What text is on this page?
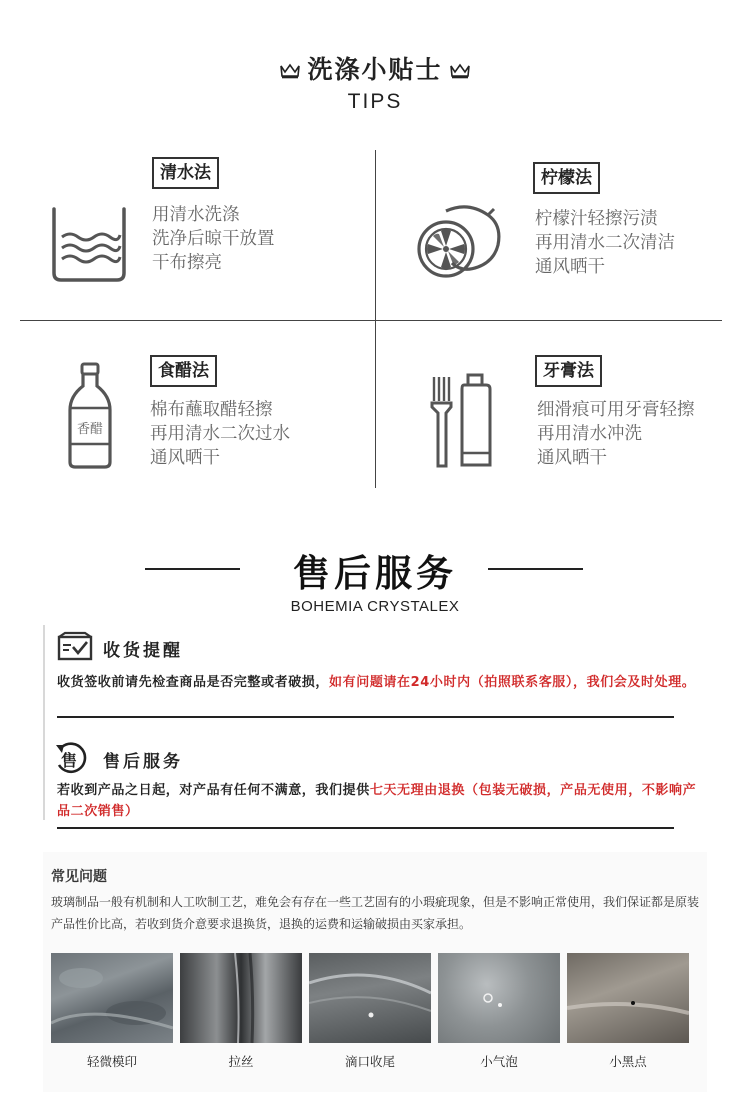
洗涤小贴士
TIPS
清水法
用清水洗涤
洗净后晾干放置
干布擦亮
柠檬法
柠檬汁轻擦污渍
再用清水二次清洁
通风晒干
香醋
食醋法
棉布蘸取醋轻擦
再用清水二次过水
通风晒干
牙膏法
细滑痕可用牙膏轻擦
再用清水冲洗
通风晒干
售后服务
BOHEMIA CRYSTALEX
收货提醒
收货签收前请先检查商品是否完整或者破损，如有问题请在24小时内（拍照联系客服），我们会及时处理。
售 售后服务
若收到产品之日起，对产品有任何不满意，我们提供七天无理由退换（包装无破损，产品无使用，不影响产品二次销售）
常见问题
玻璃制品一般有机制和人工吹制工艺，难免会有存在一些工艺固有的小瑕疵现象，但是不影响正常使用，我们保证都是原装产品性价比高，若收到货介意要求退换货，退换的运费和运输破损由买家承担。
轻微模印	拉丝	滴口收尾	小气泡	小黑点
